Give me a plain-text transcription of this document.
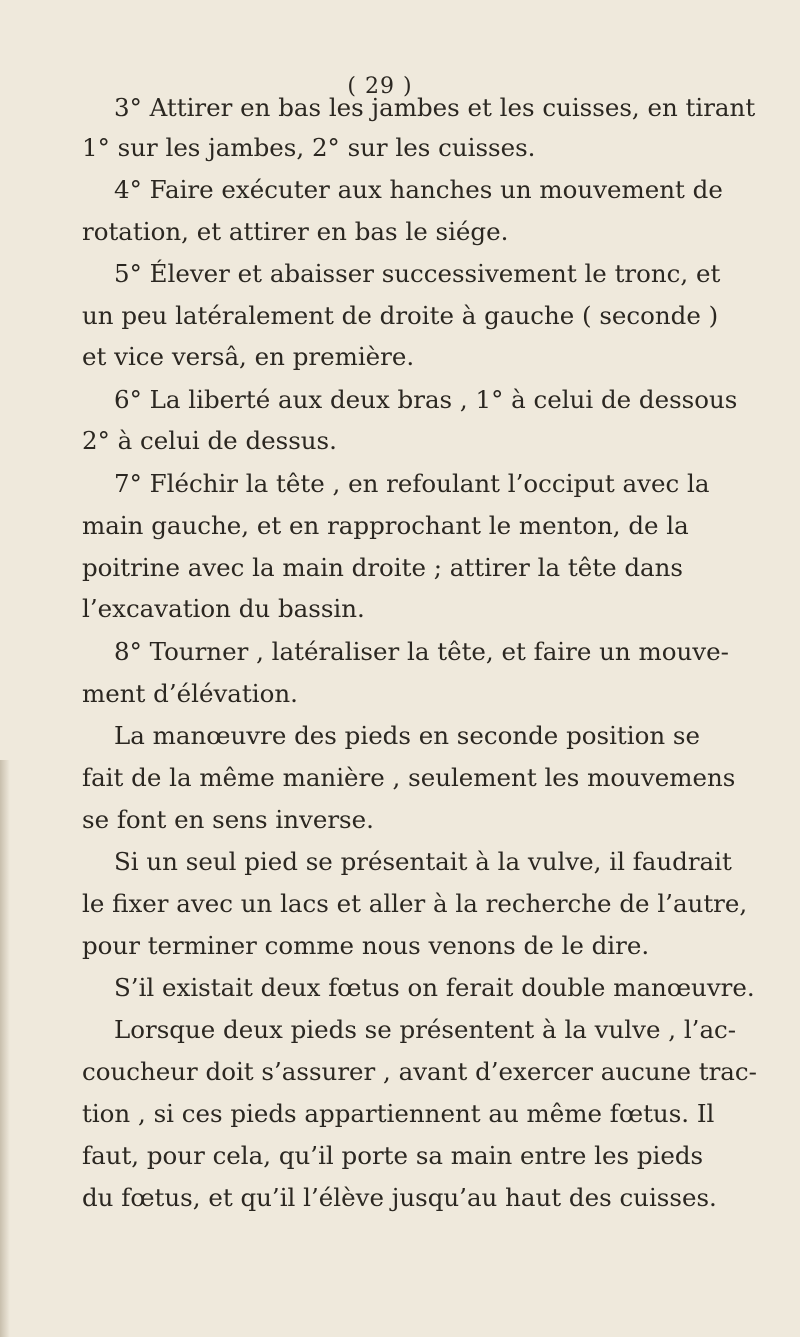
( 29 )
3° Attirer en bas les jambes et les cuisses, en tirant
1° sur les jambes, 2° sur les cuisses.
4° Faire exécuter aux hanches un mouvement de
rotation, et attirer en bas le siége.
5° Élever et abaisser successivement le tronc, et
un peu latéralement de droite à gauche ( seconde )
et vice versâ, en première.
6° La liberté aux deux bras , 1° à celui de dessous
2° à celui de dessus.
7° Fléchir la tête , en refoulant l’occiput avec la
main gauche, et en rapprochant le menton, de la
poitrine avec la main droite ; attirer la tête dans
l’excavation du bassin.
8° Tourner , latéraliser la tête, et faire un mouve-
ment d’élévation.
La manœuvre des pieds en seconde position se
fait de la même manière , seulement les mouvemens
se font en sens inverse.
Si un seul pied se présentait à la vulve, il faudrait
le fixer avec un lacs et aller à la recherche de l’autre,
pour terminer comme nous venons de le dire.
S’il existait deux fœtus on ferait double manœuvre.
Lorsque deux pieds se présentent à la vulve , l’ac-
coucheur doit s’assurer , avant d’exercer aucune trac-
tion , si ces pieds appartiennent au même fœtus. Il
faut, pour cela, qu’il porte sa main entre les pieds
du fœtus, et qu’il l’élève jusqu’au haut des cuisses.
